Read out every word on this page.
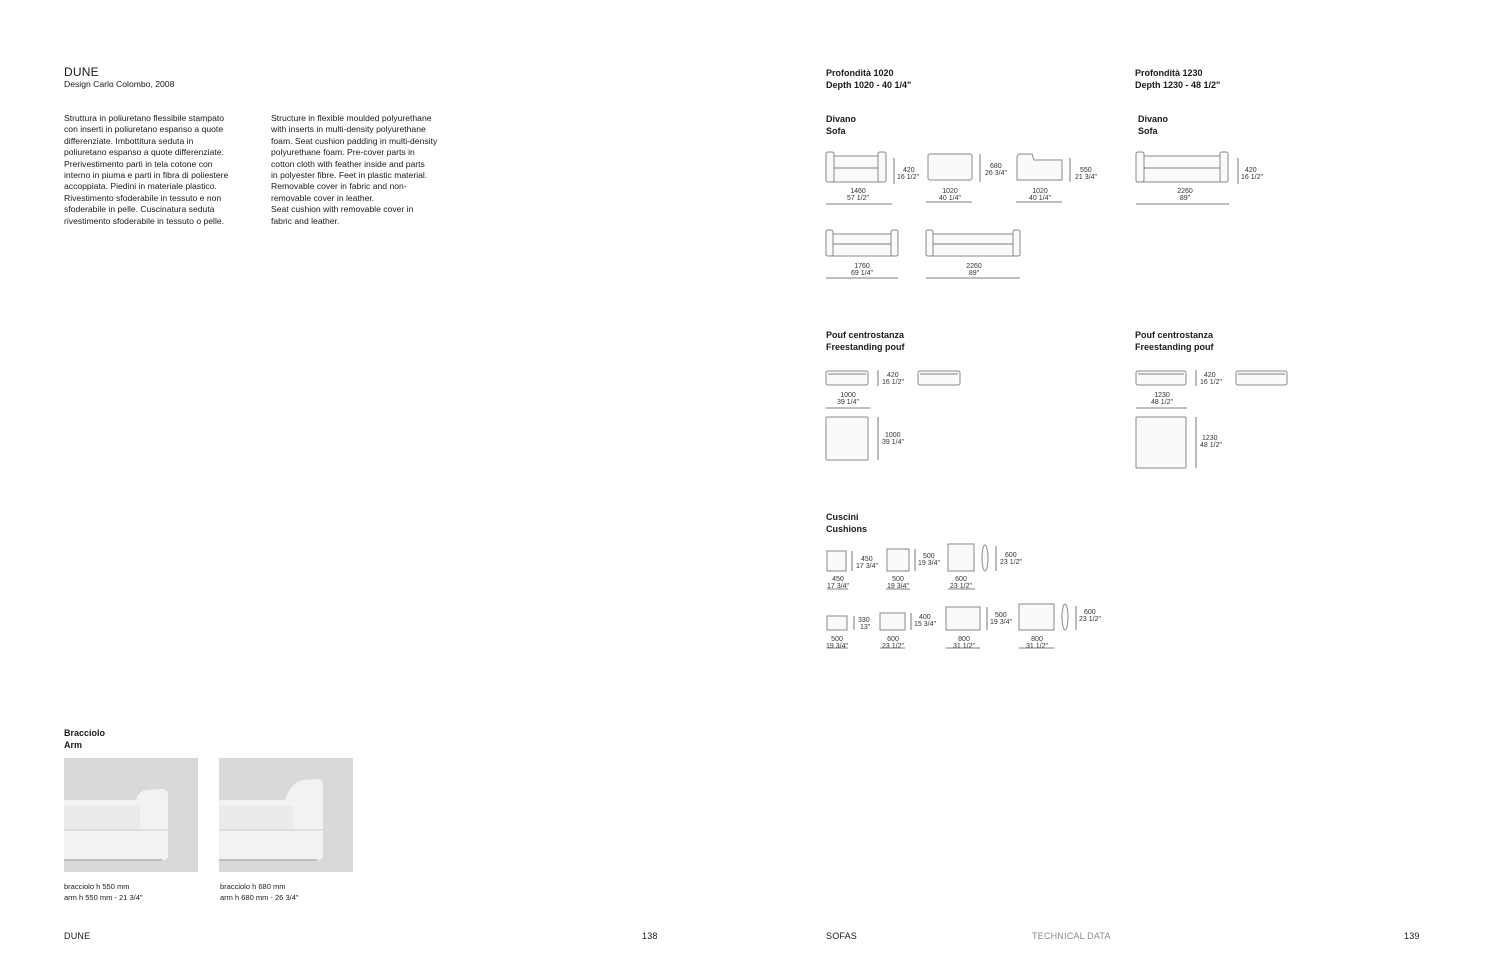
DUNE
Design Carlo Colombo, 2008
Struttura in poliuretano flessibile stampato
con inserti in poliuretano espanso a quote
differenziate. Imbottitura seduta in
poliuretano espanso a quote differenziate.
Prerivestimento parti in tela cotone con
interno in piuma e parti in fibra di poliestere
accoppiata. Piedini in materiale plastico.
Rivestimento sfoderabile in tessuto e non
sfoderabile in pelle. Cuscinatura seduta
rivestimento sfoderabile in tessuto o pelle.
Structure in flexible moulded polyurethane
with inserts in multi-density polyurethane
foam. Seat cushion padding in multi-density
polyurethane foam. Pre-cover parts in
cotton cloth with feather inside and parts
in polyester fibre. Feet in plastic material.
Removable cover in fabric and non-
removable cover in leather.
Seat cushion with removable cover in
fabric and leather.
Bracciolo
Arm
bracciolo h 550 mm
arm h 550 mm - 21 3/4"
bracciolo h 680 mm
arm h 680 mm - 26 3/4"
Profondità 1020
Depth 1020 - 40 1/4"
Divano
Sofa
1460
57 1/2"
420
16 1/2"
1020
40 1/4"
680
26 3/4"
1020
40 1/4"
550
21 3/4"
1760
69 1/4"
2260
89"
Pouf centrostanza
Freestanding pouf
420
16 1/2"
1000
39 1/4"
1000
39 1/4"
Cuscini
Cushions
450
17 3/4"
450
17 3/4"
500
19 3/4"
500
19 3/4"
600
23 1/2"
600
23 1/2"
330
13"
500
19 3/4"
400
15 3/4"
600
23 1/2"
500
19 3/4"
800
31 1/2"
600
23 1/2"
800
31 1/2"
Profondità 1230
Depth 1230 - 48 1/2"
Divano
Sofa
2260
89"
420
16 1/2"
Pouf centrostanza
Freestanding pouf
420
16 1/2"
1230
48 1/2"
1230
48 1/2"
DUNE	138	SOFAS	TECHNICAL DATA	139
